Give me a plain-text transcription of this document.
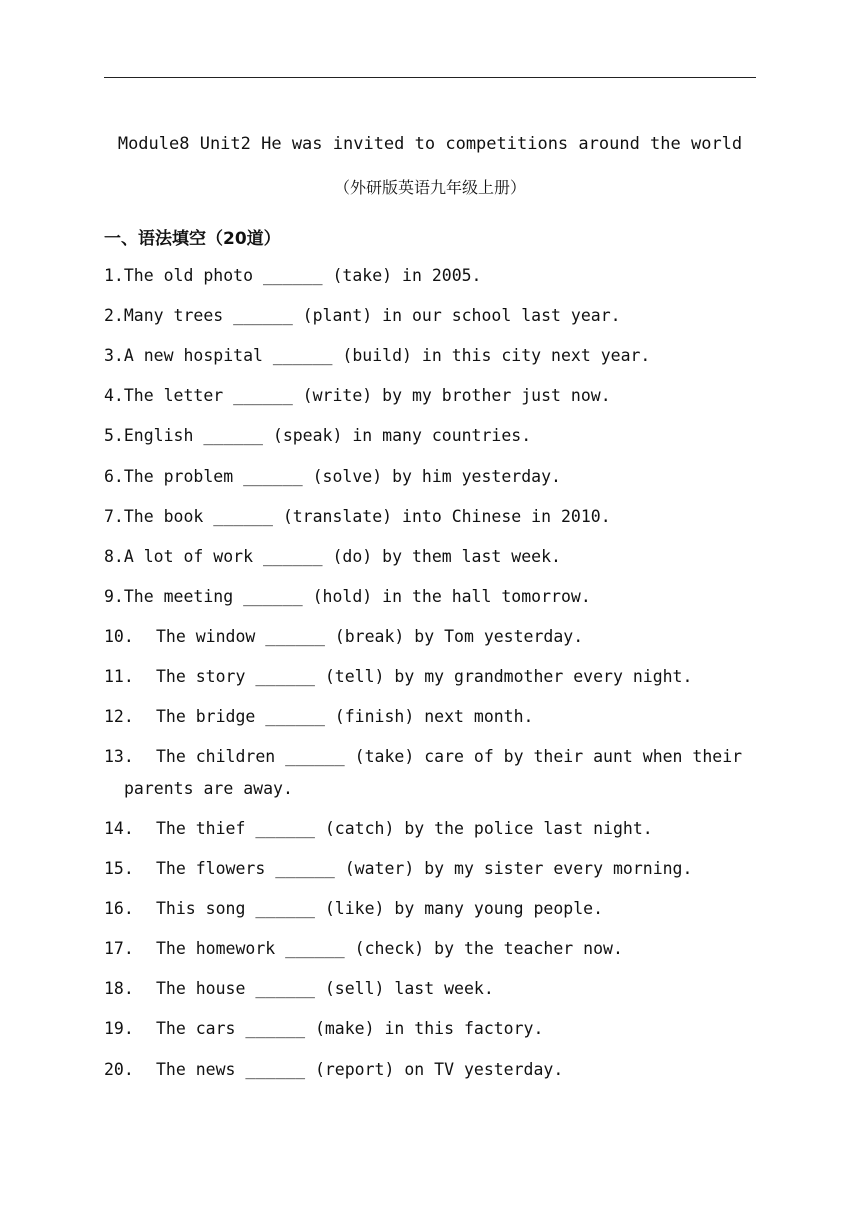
Module8 Unit2 He was invited to competitions around the world
（外研版英语九年级上册）
一、语法填空（20道）
1.The old photo ______ (take) in 2005.
2.Many trees ______ (plant) in our school last year.
3.A new hospital ______ (build) in this city next year.
4.The letter ______ (write) by my brother just now.
5.English ______ (speak) in many countries.
6.The problem ______ (solve) by him yesterday.
7.The book ______ (translate) into Chinese in 2010.
8.A lot of work ______ (do) by them last week.
9.The meeting ______ (hold) in the hall tomorrow.
10. The window ______ (break) by Tom yesterday.
11. The story ______ (tell) by my grandmother every night.
12. The bridge ______ (finish) next month.
13. The children ______ (take) care of by their aunt when their
parents are away.
14. The thief ______ (catch) by the police last night.
15. The flowers ______ (water) by my sister every morning.
16. This song ______ (like) by many young people.
17. The homework ______ (check) by the teacher now.
18. The house ______ (sell) last week.
19. The cars ______ (make) in this factory.
20. The news ______ (report) on TV yesterday.
